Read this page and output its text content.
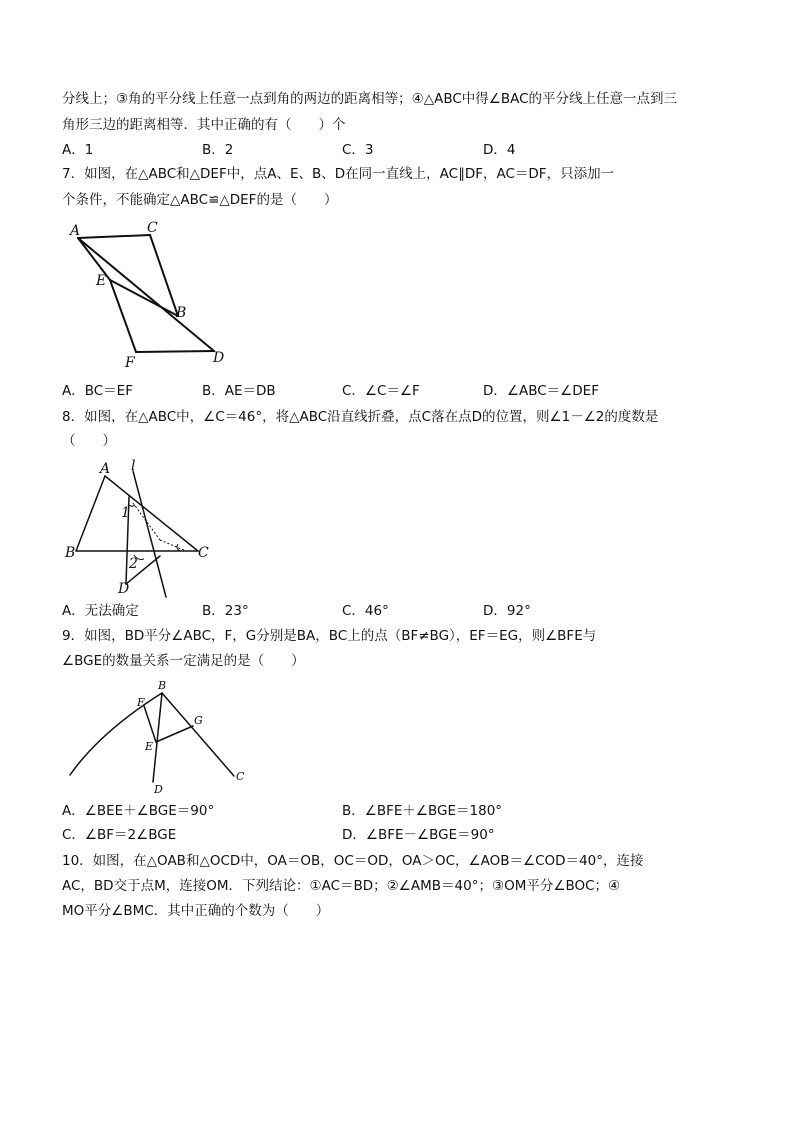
分线上；③角的平分线上任意一点到角的两边的距离相等；④△ABC中得∠BAC的平分线上任意一点到三
角形三边的距离相等．其中正确的有（　　）个
A．1	B．2	C．3	D．4
7．如图，在△ABC和△DEF中，点A、E、B、D在同一直线上，AC∥DF，AC＝DF，只添加一
个条件，不能确定△ABC≌△DEF的是（　　）
A	C
E
B
F	D
A．BC＝EF	B．AE＝DB	C．∠C＝∠F	D．∠ABC＝∠DEF
8．如图，在△ABC中，∠C＝46°，将△ABC沿直线折叠，点C落在点D的位置，则∠1－∠2的度数是
（　　）
A l
1
B
2
C
D
A．无法确定	B．23°	C．46°	D．92°
9．如图，BD平分∠ABC，F，G分别是BA，BC上的点（BF≠BG），EF＝EG，则∠BFE与
∠BGE的数量关系一定满足的是（　　）
B
F
G
E
D
C
A．∠BEE＋∠BGE＝90°	B．∠BFE＋∠BGE＝180°
C．∠BF＝2∠BGE	D．∠BFE－∠BGE＝90°
10．如图，在△OAB和△OCD中，OA＝OB，OC＝OD，OA＞OC，∠AOB＝∠COD＝40°，连接
AC，BD交于点M，连接OM．下列结论：①AC＝BD；②∠AMB＝40°；③OM平分∠BOC；④
MO平分∠BMC．其中正确的个数为（　　）
